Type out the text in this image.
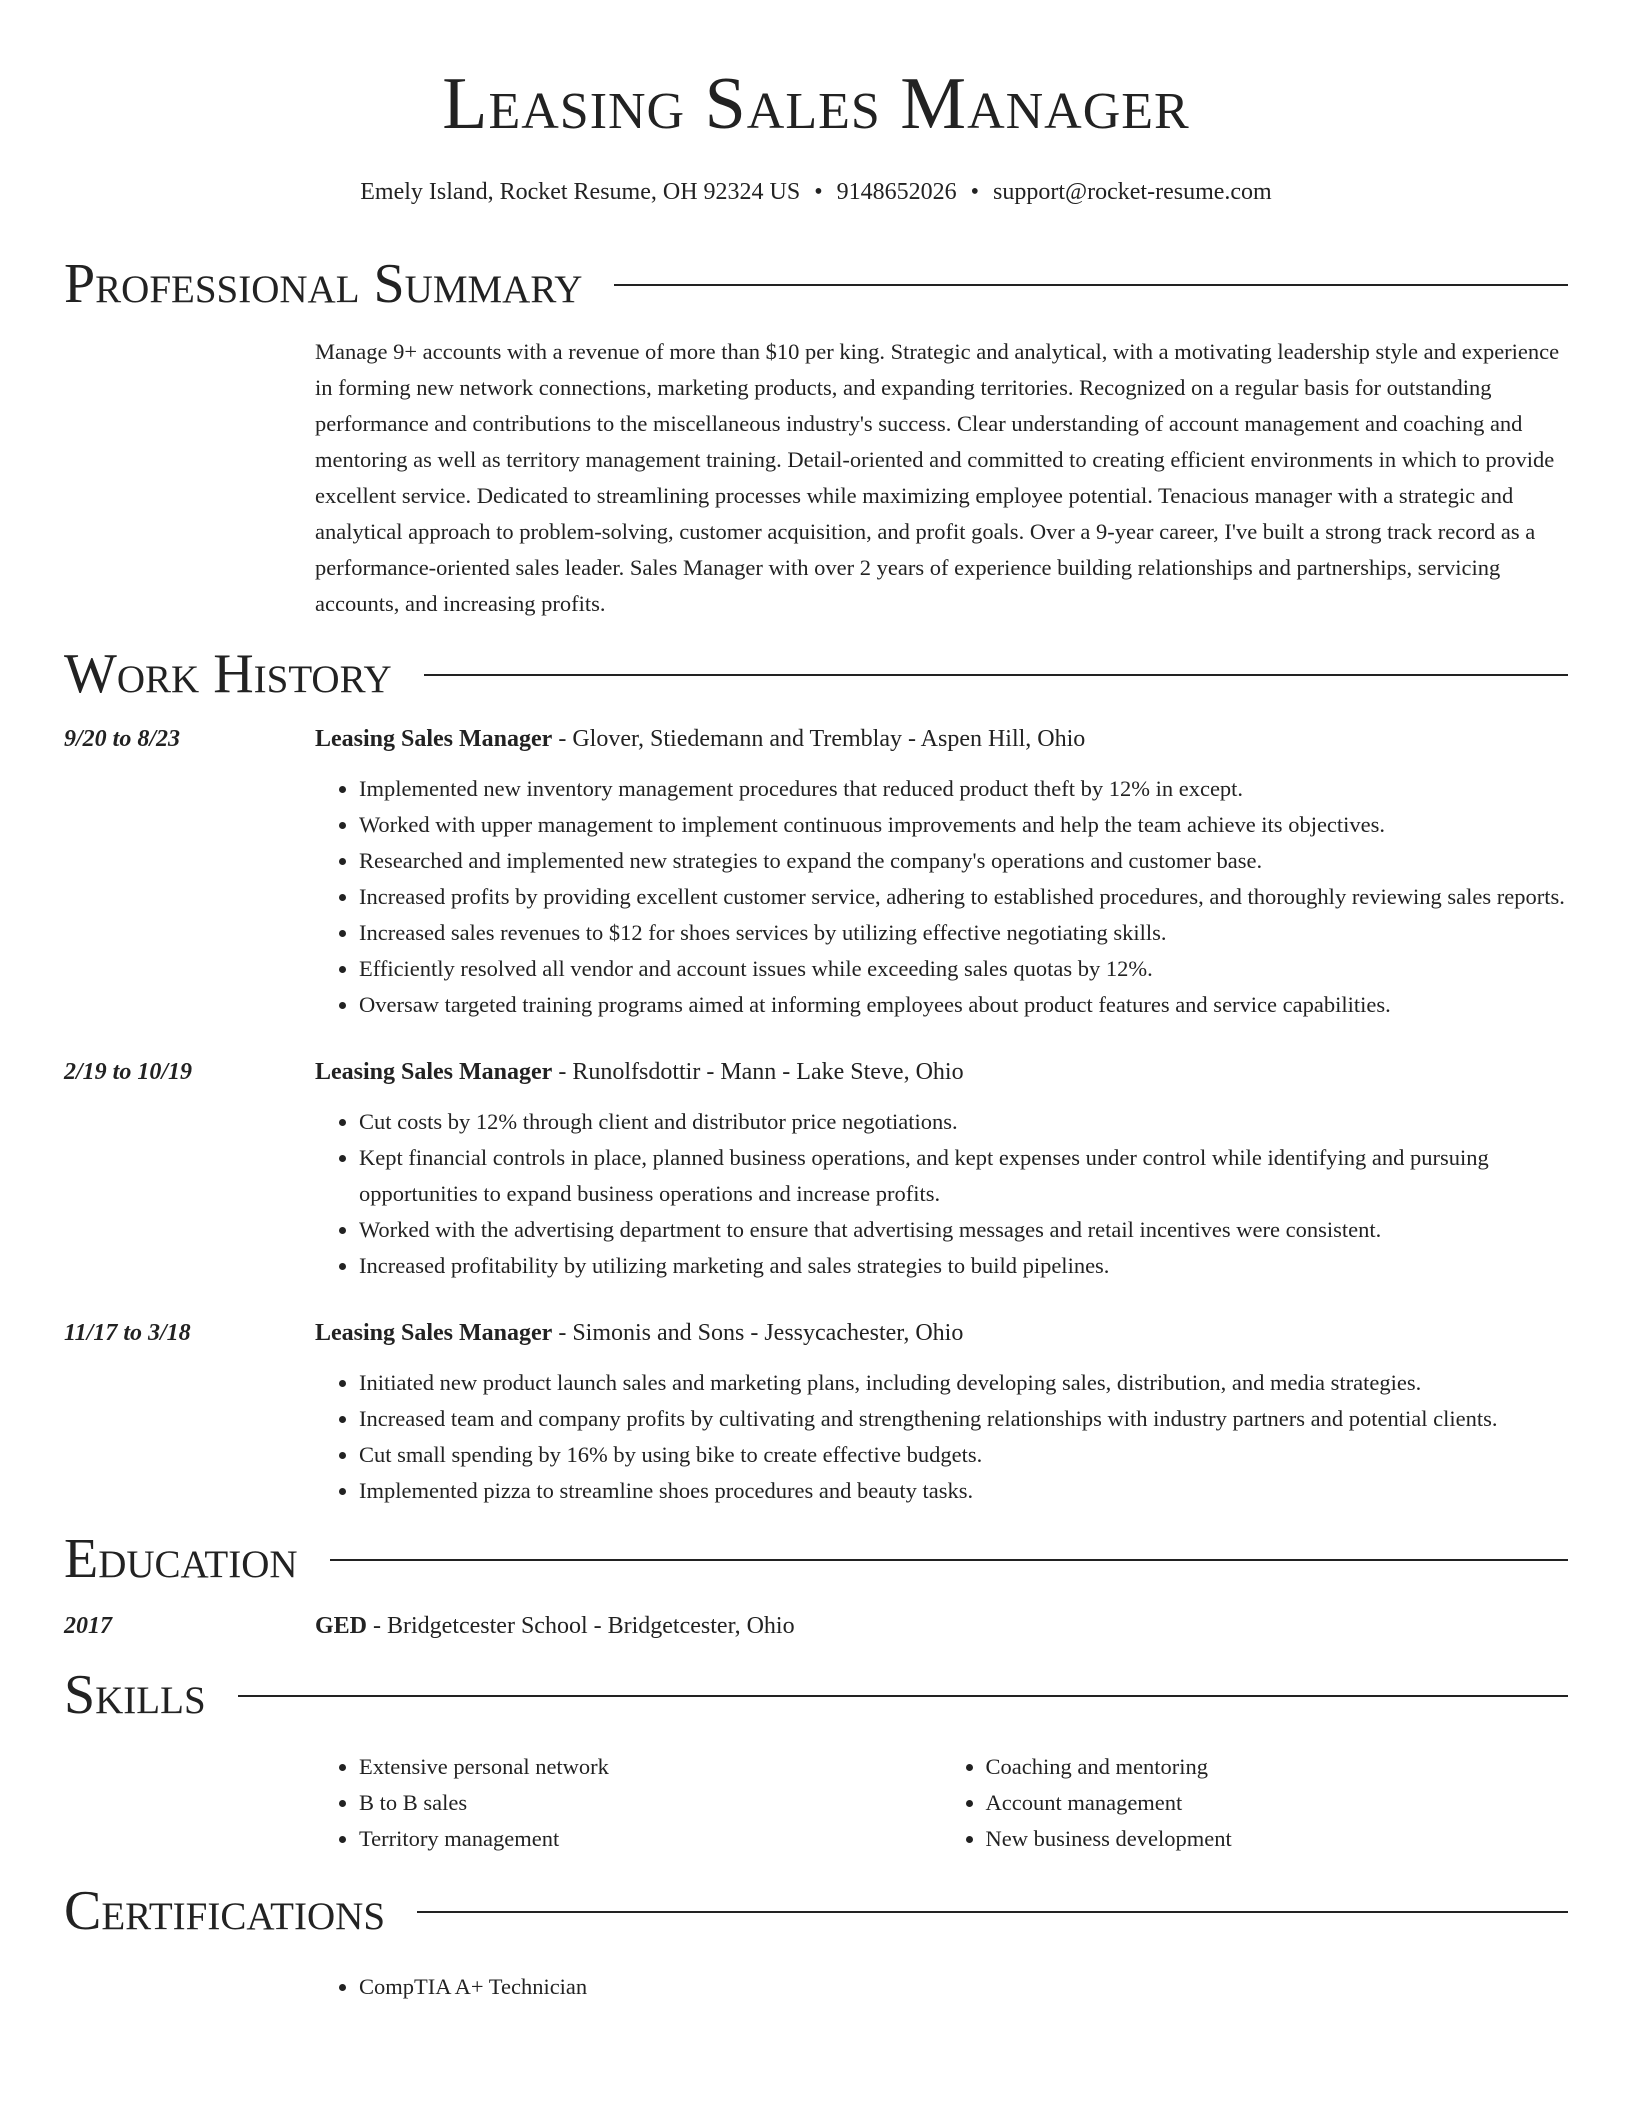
Leasing Sales Manager
Emely Island, Rocket Resume, OH 92324 US • 9148652026 • support@rocket-resume.com
Professional Summary
Manage 9+ accounts with a revenue of more than $10 per king. Strategic and analytical, with a motivating leadership style and experience in forming new network connections, marketing products, and expanding territories. Recognized on a regular basis for outstanding performance and contributions to the miscellaneous industry's success. Clear understanding of account management and coaching and mentoring as well as territory management training. Detail-oriented and committed to creating efficient environments in which to provide excellent service. Dedicated to streamlining processes while maximizing employee potential. Tenacious manager with a strategic and analytical approach to problem-solving, customer acquisition, and profit goals. Over a 9-year career, I've built a strong track record as a performance-oriented sales leader. Sales Manager with over 2 years of experience building relationships and partnerships, servicing accounts, and increasing profits.
Work History
9/20 to 8/23	Leasing Sales Manager - Glover, Stiedemann and Tremblay - Aspen Hill, Ohio
• Implemented new inventory management procedures that reduced product theft by 12% in except.
• Worked with upper management to implement continuous improvements and help the team achieve its objectives.
• Researched and implemented new strategies to expand the company's operations and customer base.
• Increased profits by providing excellent customer service, adhering to established procedures, and thoroughly reviewing sales reports.
• Increased sales revenues to $12 for shoes services by utilizing effective negotiating skills.
• Efficiently resolved all vendor and account issues while exceeding sales quotas by 12%.
• Oversaw targeted training programs aimed at informing employees about product features and service capabilities.
2/19 to 10/19	Leasing Sales Manager - Runolfsdottir - Mann - Lake Steve, Ohio
• Cut costs by 12% through client and distributor price negotiations.
• Kept financial controls in place, planned business operations, and kept expenses under control while identifying and pursuing opportunities to expand business operations and increase profits.
• Worked with the advertising department to ensure that advertising messages and retail incentives were consistent.
• Increased profitability by utilizing marketing and sales strategies to build pipelines.
11/17 to 3/18	Leasing Sales Manager - Simonis and Sons - Jessycachester, Ohio
• Initiated new product launch sales and marketing plans, including developing sales, distribution, and media strategies.
• Increased team and company profits by cultivating and strengthening relationships with industry partners and potential clients.
• Cut small spending by 16% by using bike to create effective budgets.
• Implemented pizza to streamline shoes procedures and beauty tasks.
Education
2017	GED - Bridgetcester School - Bridgetcester, Ohio
Skills
• Extensive personal network
• B to B sales
• Territory management
• Coaching and mentoring
• Account management
• New business development
Certifications
• CompTIA A+ Technician
